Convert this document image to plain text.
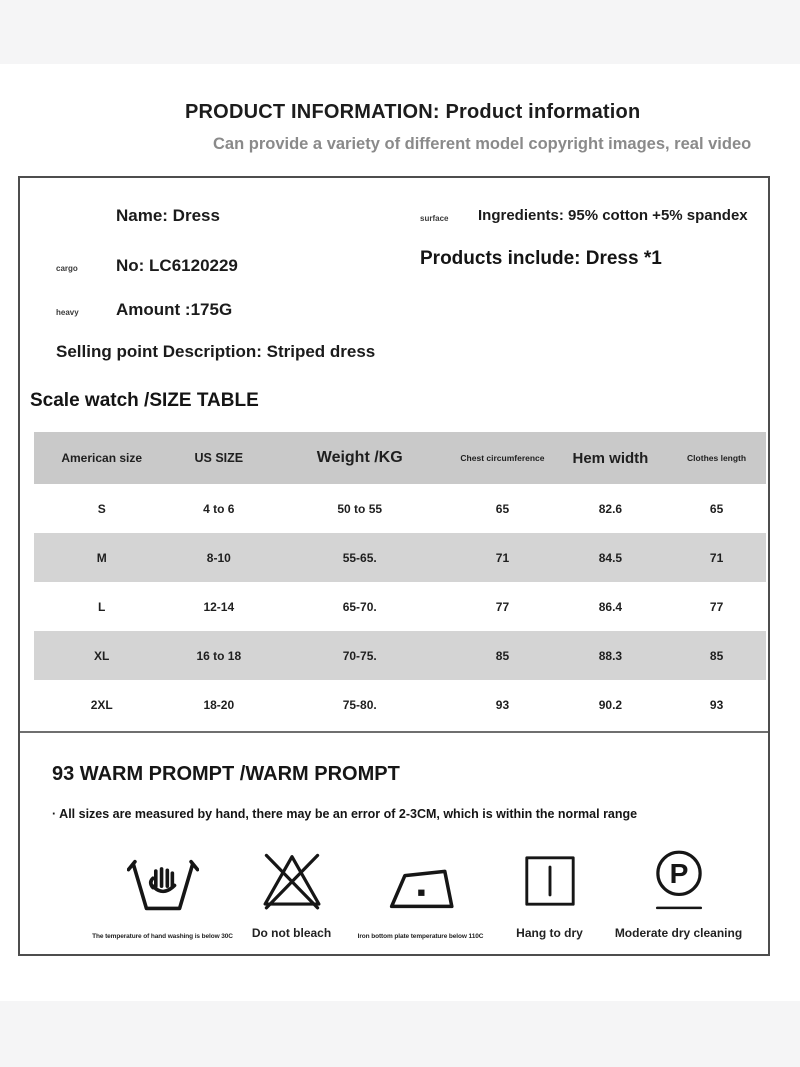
PRODUCT INFORMATION: Product information
Can provide a variety of different model copyright images, real video
Name: Dress
cargo No: LC6120229
heavy Amount :175G
surface Ingredients: 95% cotton +5% spandex
Products include: Dress *1
Selling point Description: Striped dress
Scale watch /SIZE TABLE
American size	US SIZE	Weight /KG	Chest circumference	Hem width	Clothes length
S	4 to 6	50 to 55	65	82.6	65
M	8-10	55-65.	71	84.5	71
L	12-14	65-70.	77	86.4	77
XL	16 to 18	70-75.	85	88.3	85
2XL	18-20	75-80.	93	90.2	93
93 WARM PROMPT /WARM PROMPT
· All sizes are measured by hand, there may be an error of 2-3CM, which is within the normal range
The temperature of hand washing is below 30C Do not bleach	Iron bottom plate temperature below 110C	Hang to dry
P
Moderate dry cleaning
